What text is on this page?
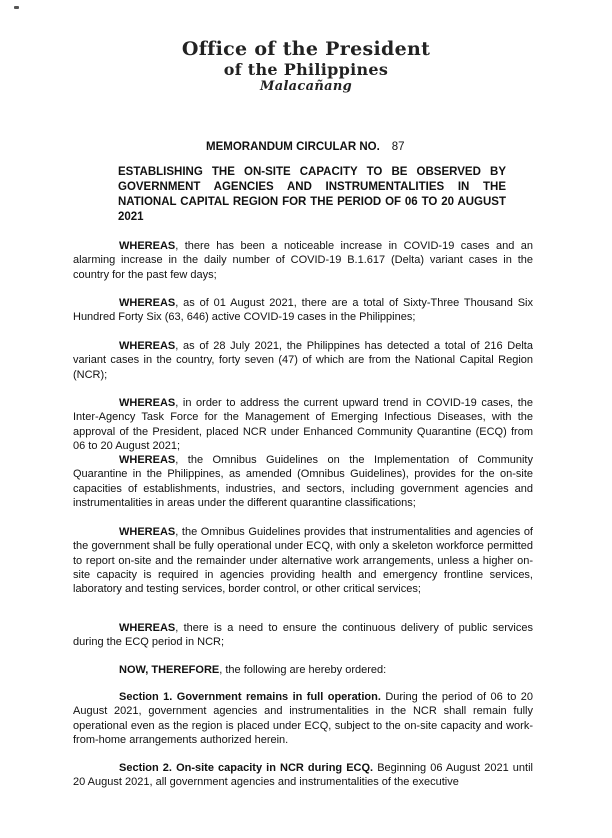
Office of the President
of the Philippines
Malacañang
MEMORANDUM CIRCULAR NO. 87
ESTABLISHING THE ON-SITE CAPACITY TO BE OBSERVED BY GOVERNMENT AGENCIES AND INSTRUMENTALITIES IN THE NATIONAL CAPITAL REGION FOR THE PERIOD OF 06 TO 20 AUGUST 2021

WHEREAS, there has been a noticeable increase in COVID-19 cases and an alarming increase in the daily number of COVID-19 B.1.617 (Delta) variant cases in the country for the past few days;

WHEREAS, as of 01 August 2021, there are a total of Sixty-Three Thousand Six Hundred Forty Six (63, 646) active COVID-19 cases in the Philippines;

WHEREAS, as of 28 July 2021, the Philippines has detected a total of 216 Delta variant cases in the country, forty seven (47) of which are from the National Capital Region (NCR);

WHEREAS, in order to address the current upward trend in COVID-19 cases, the Inter-Agency Task Force for the Management of Emerging Infectious Diseases, with the approval of the President, placed NCR under Enhanced Community Quarantine (ECQ) from 06 to 20 August 2021;

WHEREAS, the Omnibus Guidelines on the Implementation of Community Quarantine in the Philippines, as amended (Omnibus Guidelines), provides for the on-site capacities of establishments, industries, and sectors, including government agencies and instrumentalities in areas under the different quarantine classifications;

WHEREAS, the Omnibus Guidelines provides that instrumentalities and agencies of the government shall be fully operational under ECQ, with only a skeleton workforce permitted to report on-site and the remainder under alternative work arrangements, unless a higher on-site capacity is required in agencies providing health and emergency frontline services, laboratory and testing services, border control, or other critical services;

WHEREAS, there is a need to ensure the continuous delivery of public services during the ECQ period in NCR;

NOW, THEREFORE, the following are hereby ordered:

Section 1. Government remains in full operation. During the period of 06 to 20 August 2021, government agencies and instrumentalities in the NCR shall remain fully operational even as the region is placed under ECQ, subject to the on-site capacity and work-from-home arrangements authorized herein.

Section 2. On-site capacity in NCR during ECQ. Beginning 06 August 2021 until 20 August 2021, all government agencies and instrumentalities of the executive
